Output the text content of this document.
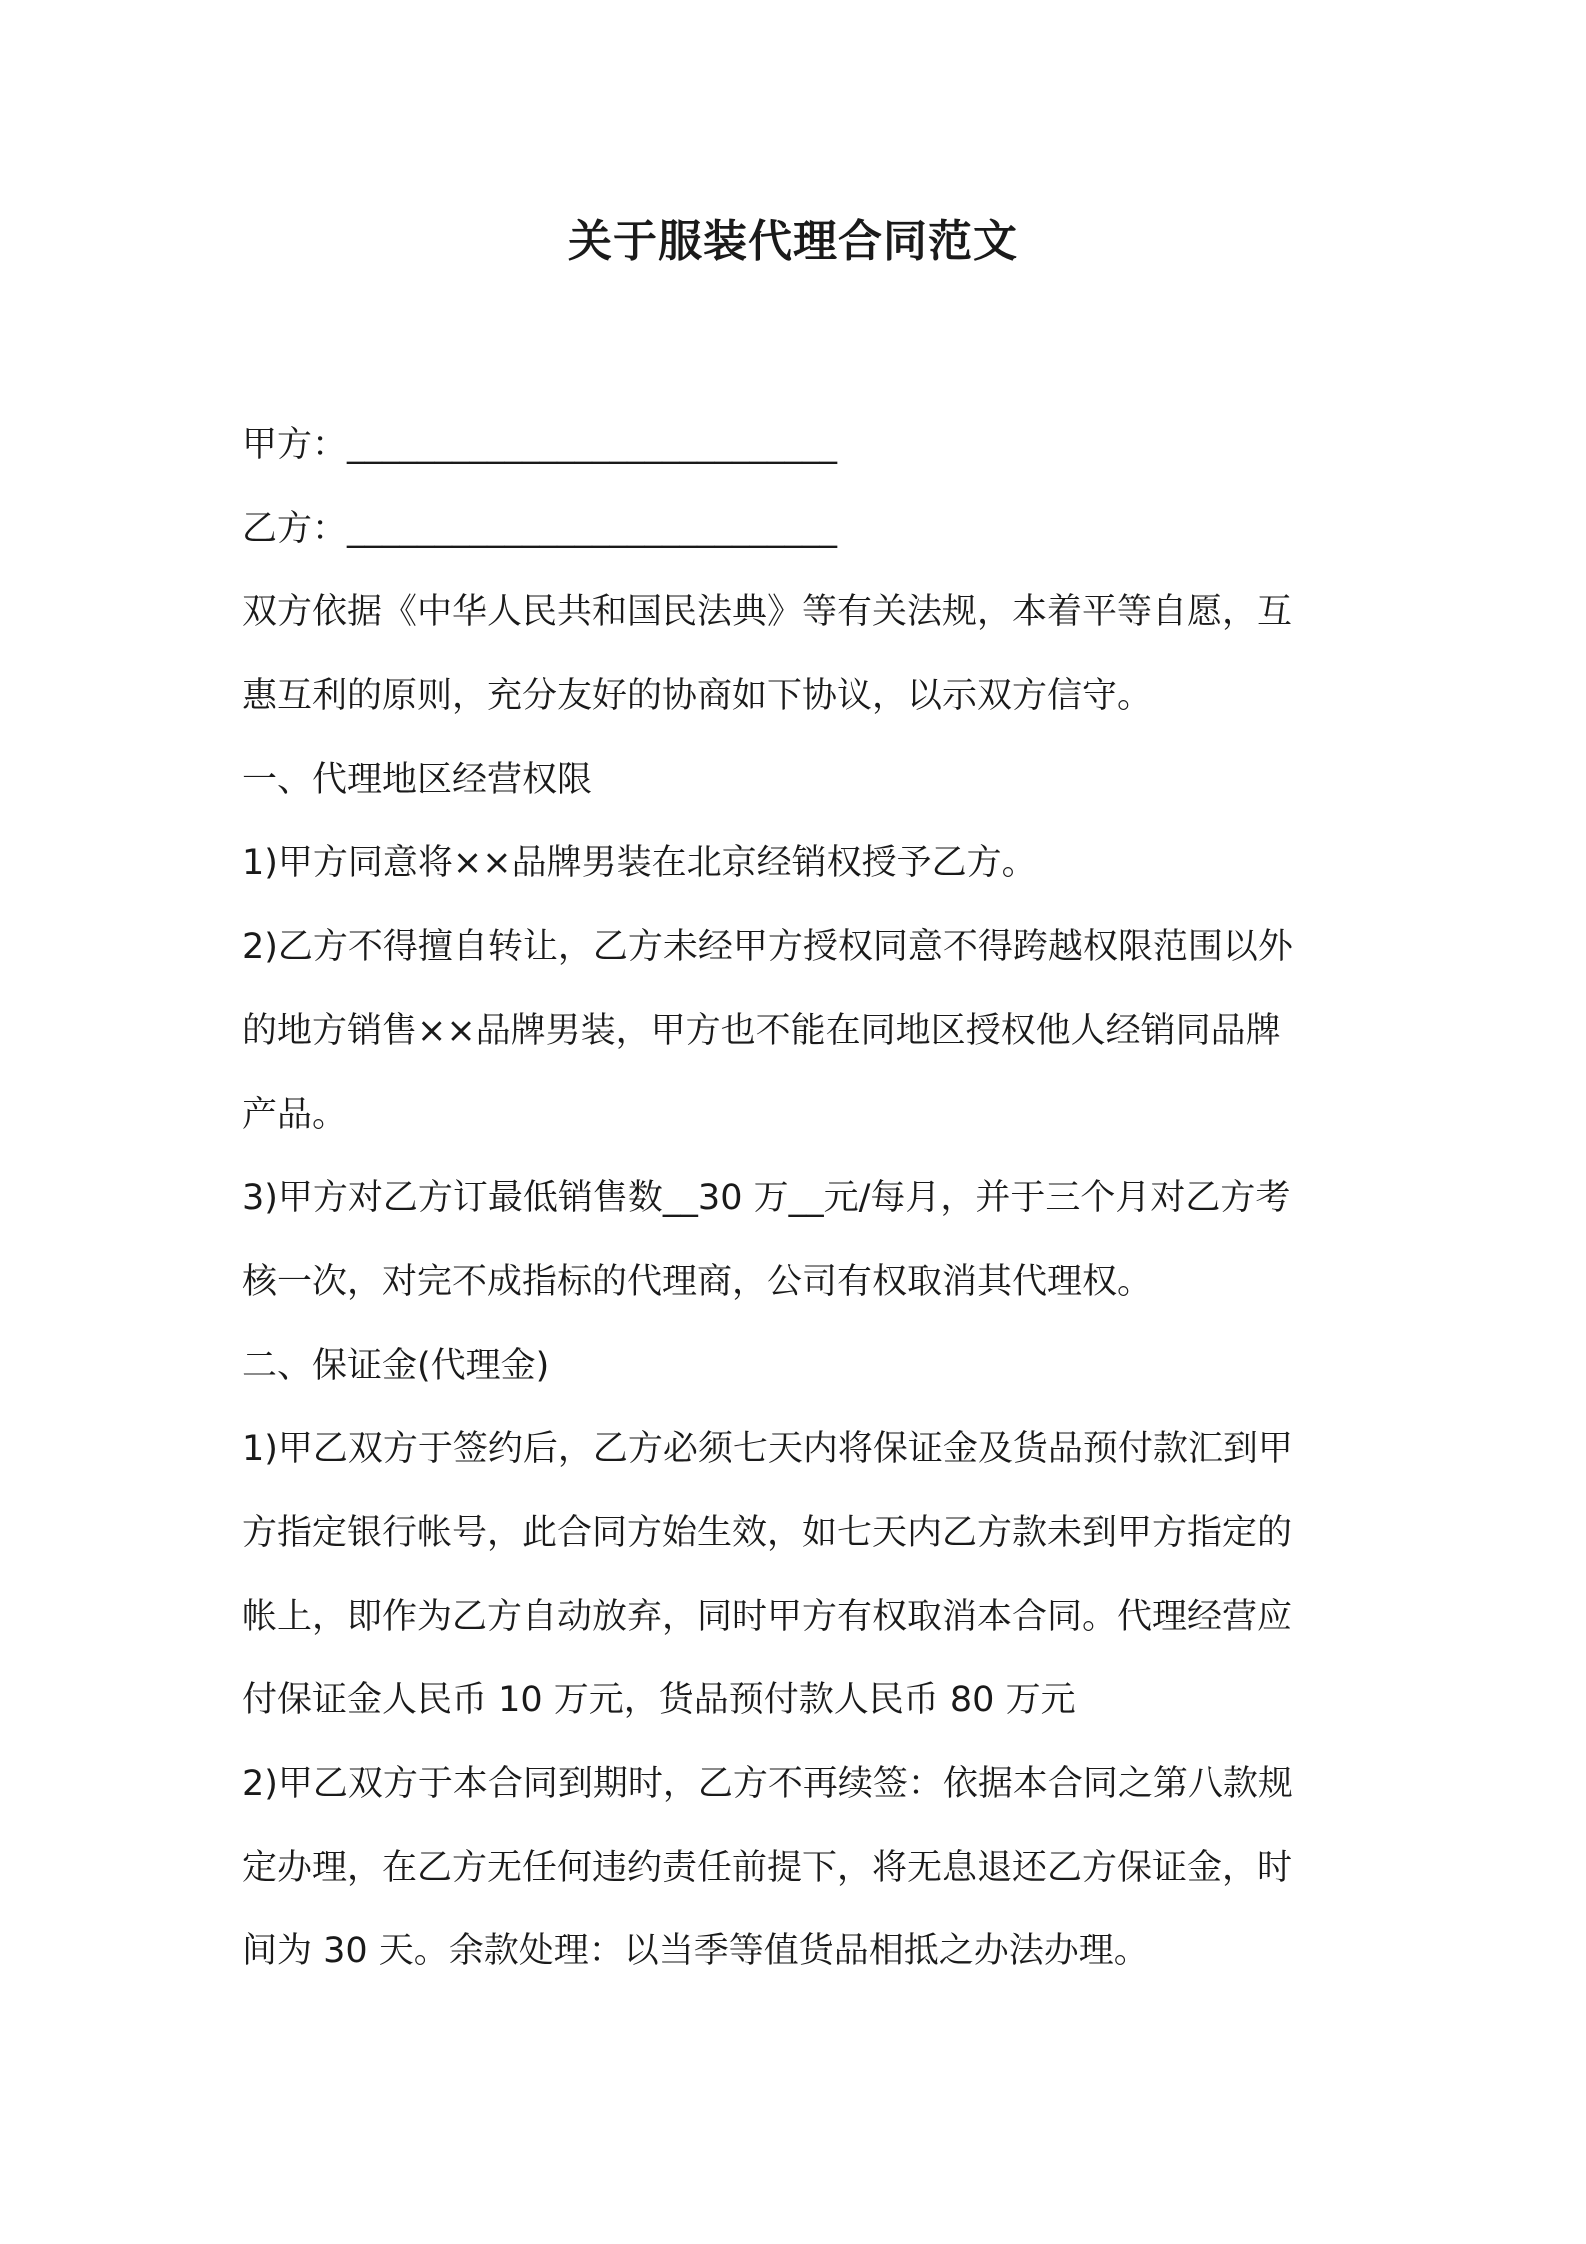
关于服装代理合同范文
甲方：____________________________
乙方：____________________________
双方依据《中华人民共和国民法典》等有关法规，本着平等自愿，互
惠互利的原则，充分友好的协商如下协议，以示双方信守。
一、代理地区经营权限
1)甲方同意将××品牌男装在北京经销权授予乙方。
2)乙方不得擅自转让，乙方未经甲方授权同意不得跨越权限范围以外
的地方销售××品牌男装，甲方也不能在同地区授权他人经销同品牌
产品。
3)甲方对乙方订最低销售数__30 万__元/每月，并于三个月对乙方考
核一次，对完不成指标的代理商，公司有权取消其代理权。
二、保证金(代理金)
1)甲乙双方于签约后，乙方必须七天内将保证金及货品预付款汇到甲
方指定银行帐号，此合同方始生效，如七天内乙方款未到甲方指定的
帐上，即作为乙方自动放弃，同时甲方有权取消本合同。代理经营应
付保证金人民币 10 万元，货品预付款人民币 80 万元
2)甲乙双方于本合同到期时，乙方不再续签：依据本合同之第八款规
定办理，在乙方无任何违约责任前提下，将无息退还乙方保证金，时
间为 30 天。余款处理：以当季等值货品相抵之办法办理。
